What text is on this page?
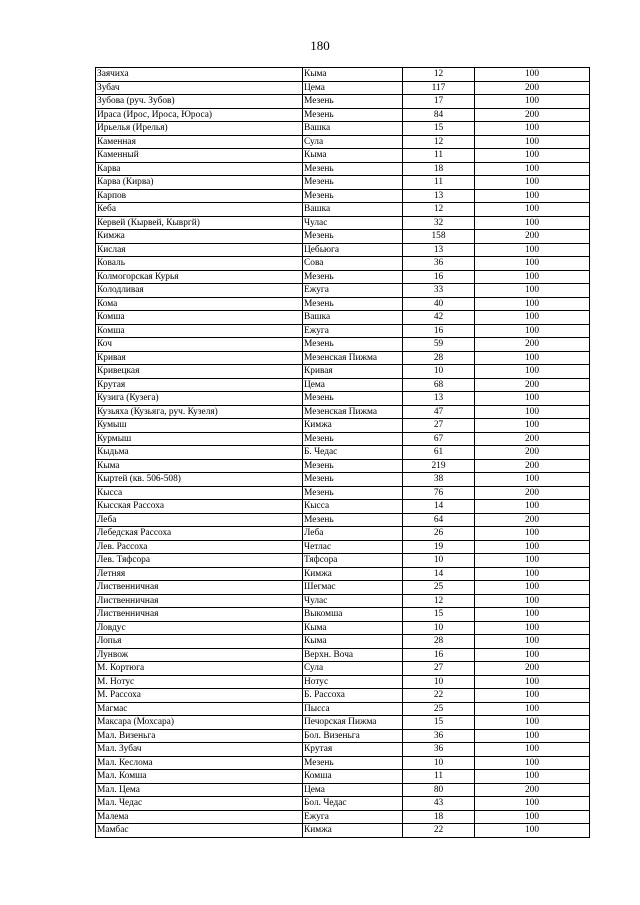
180
Заячиха	Кыма	12	100
Зубач	Цема	117	200
Зубова (руч. Зубов)	Мезень	17	100
Ираса (Ирос, Ироса, Юроса)	Мезень	84	200
Ирьелья (Ирелья)	Вашка	15	100
Каменная	Сула	12	100
Каменный	Кыма	11	100
Карва	Мезень	18	100
Карва (Кирва)	Мезень	11	100
Карпов	Мезень	13	100
Кеба	Вашка	12	100
Кервей (Кырвей, Кывргй)	Чулас	32	100
Кимжа	Мезень	158	200
Кислая	Цебьюга	13	100
Коваль	Сова	36	100
Колмогорская Курья	Мезень	16	100
Колодливая	Ежуга	33	100
Кома	Мезень	40	100
Комша	Вашка	42	100
Комша	Ежуга	16	100
Коч	Мезень	59	200
Кривая	Мезенская Пижма	28	100
Кривецкая	Кривая	10	100
Крутая	Цема	68	200
Кузига (Кузега)	Мезень	13	100
Кузьяха (Кузьяга, руч. Кузеля)	Мезенская Пижма	47	100
Кумыш	Кимжа	27	100
Курмыш	Мезень	67	200
Кыдьма	Б. Чедас	61	200
Кыма	Мезень	219	200
Кыртей (кв. 506-508)	Мезень	38	100
Кысса	Мезень	76	200
Кысская Рассоха	Кысса	14	100
Леба	Мезень	64	200
Лебедская Рассоха	Леба	26	100
Лев. Рассоха	Четлас	19	100
Лев. Тяфсора	Тяфсора	10	100
Летняя	Кимжа	14	100
Лиственничная	Шегмас	25	100
Лиственничная	Чулас	12	100
Лиственничная	Выкомша	15	100
Ловдус	Кыма	10	100
Лопья	Кыма	28	100
Лунвож	Верхн. Воча	16	100
М. Кортюга	Сула	27	200
М. Нотус	Нотус	10	100
М. Рассоха	Б. Рассоха	22	100
Магмас	Пысса	25	100
Максара (Мохсара)	Печорская Пижма	15	100
Мал. Визеньга	Бол. Визеньга	36	100
Мал. Зубач	Крутая	36	100
Мал. Кеслома	Мезень	10	100
Мал. Комша	Комша	11	100
Мал. Цема	Цема	80	200
Мал. Чедас	Бол. Чедас	43	100
Малема	Ежуга	18	100
Мамбас	Кимжа	22	100
